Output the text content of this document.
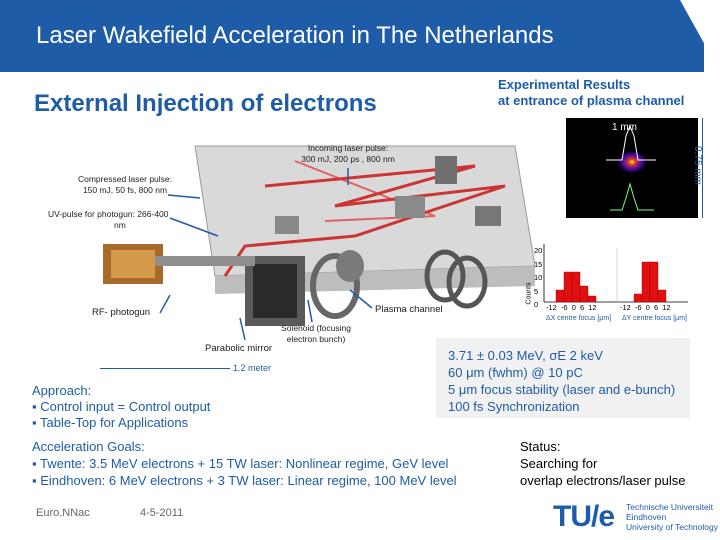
Laser Wakefield Acceleration in The Netherlands
External Injection of electrons
Experimental Results
at entrance of plasma channel
1 mm
0.75 mm
Incoming laser pulse:
300 mJ, 200 ps , 800 nm
Compressed laser pulse:
150 mJ, 50 fs, 800 nm
UV-pulse for photogun: 266-400
nm
RF- photogun	Plasma channel
Solenoid (focusing
electron bunch)
Parabolic mirror
1.2 meter
Counts
20
15
10
5
0	-12 -6 0 6 12	-12 -6 0 6 12
ΔX centre focus [μm] ΔY centre focus [μm]
3.71 ± 0.03 MeV, σE 2 keV
60 μm (fwhm) @ 10 pC
5 μm focus stability (laser and e-bunch)
100 fs Synchronization
Approach:
▪ Control input = Control output
▪ Table-Top for Applications
Acceleration Goals:
▪ Twente: 3.5 MeV electrons + 15 TW laser: Nonlinear regime, GeV level
▪ Eindhoven: 6 MeV electrons + 3 TW laser: Linear regime, 100 MeV level
Status:
Searching for
overlap electrons/laser pulse
Euro.NNac	4-5-2011	TU/e Technische Universiteit
Eindhoven
University of Technology
